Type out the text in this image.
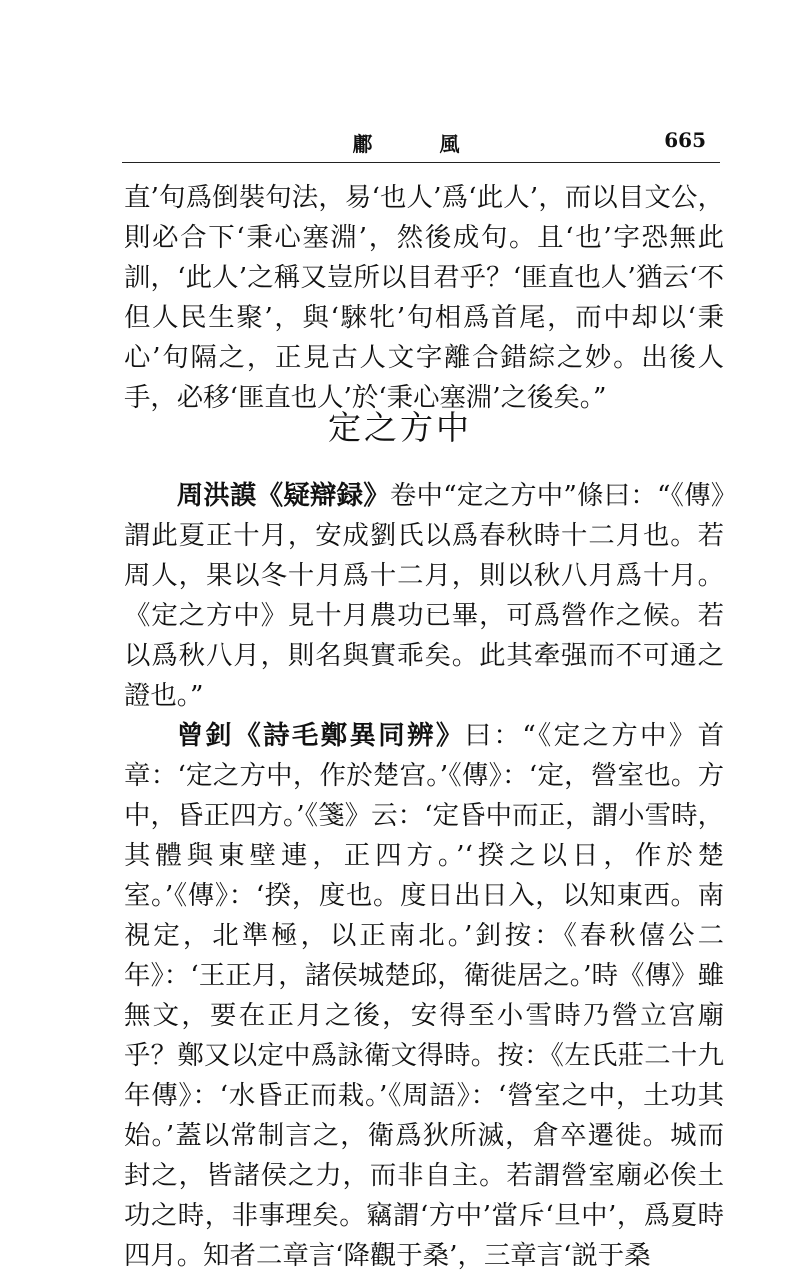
鄘 風	665

直’句爲倒裝句法，易‘也人’爲‘此人’，而以目文公，則必合下‘秉心塞淵’，然後成句。且‘也’字恐無此訓，‘此人’之稱又豈所以目君乎？‘匪直也人’猶云‘不但人民生聚’，與‘騋牝’句相爲首尾，而中却以‘秉心’句隔之，正見古人文字離合錯綜之妙。出後人手，必移‘匪直也人’於‘秉心塞淵’之後矣。”

定之方中

周洪謨《疑辯録》卷中“定之方中”條曰：“《傳》謂此夏正十月，安成劉氏以爲春秋時十二月也。若周人，果以冬十月爲十二月，則以秋八月爲十月。《定之方中》見十月農功已畢，可爲營作之候。若以爲秋八月，則名與實乖矣。此其牽强而不可通之證也。”

曾釗《詩毛鄭異同辨》曰：“《定之方中》首章：‘定之方中，作於楚宫。’《傳》：‘定，營室也。方中，昏正四方。’《箋》云：‘定昏中而正，謂小雪時，其體與東壁連，正四方。’‘揆之以日，作於楚室。’《傳》：‘揆，度也。度日出日入，以知東西。南視定，北準極，以正南北。’釗按：《春秋僖公二年》：‘王正月，諸侯城楚邱，衛徙居之。’時《傳》雖無文，要在正月之後，安得至小雪時乃營立宫廟乎？鄭又以定中爲詠衛文得時。按：《左氏莊二十九年傳》：‘水昏正而栽。’《周語》：‘營室之中，土功其始。’蓋以常制言之，衛爲狄所滅，倉卒遷徙。城而封之，皆諸侯之力，而非自主。若謂營室廟必俟土功之時，非事理矣。竊謂‘方中’當斥‘旦中’，爲夏時四月。知者二章言‘降觀于桑’，三章言‘説于桑
